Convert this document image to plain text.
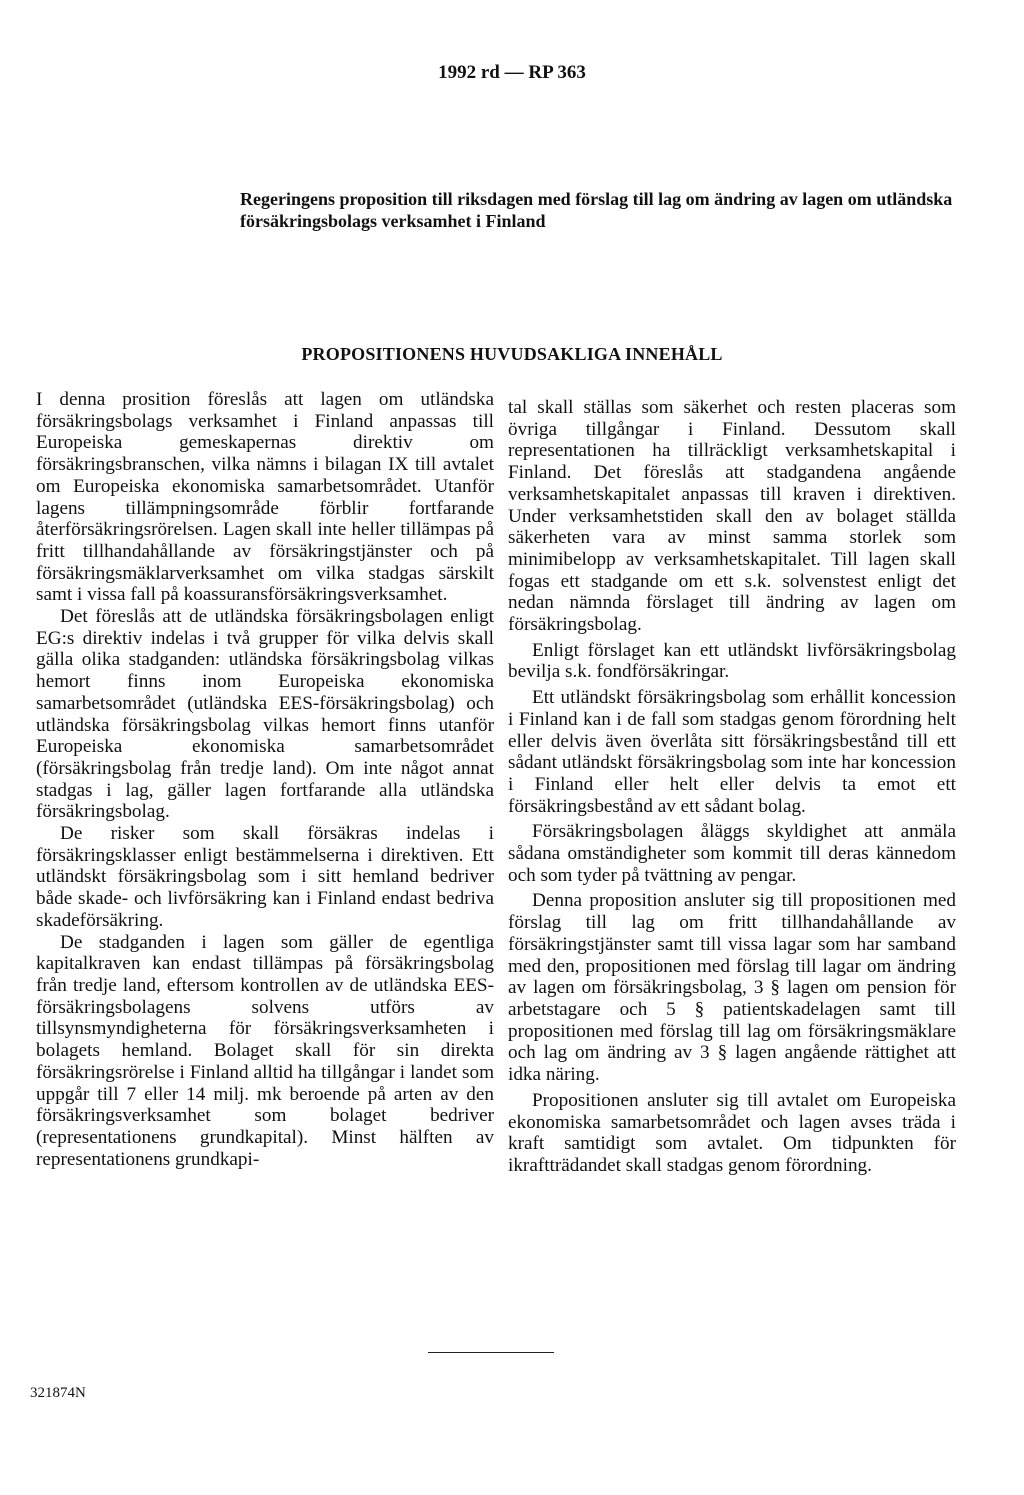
1992 rd — RP 363
Regeringens proposition till riksdagen med förslag till lag om ändring av lagen om utländska försäkringsbolags verksamhet i Finland
PROPOSITIONENS HUVUDSAKLIGA INNEHÅLL

I denna prosition föreslås att lagen om utländska försäkringsbolags verksamhet i Finland anpassas till Europeiska gemeskapernas direktiv om försäkringsbranschen, vilka nämns i bilagan IX till avtalet om Europeiska ekonomiska samarbetsområdet. Utanför lagens tillämpningsområde förblir fortfarande återförsäkringsrörelsen. Lagen skall inte heller tillämpas på fritt tillhandahållande av försäkringstjänster och på försäkringsmäklarverksamhet om vilka stadgas särskilt samt i vissa fall på koassuransförsäkringsverksamhet.

Det föreslås att de utländska försäkringsbolagen enligt EG:s direktiv indelas i två grupper för vilka delvis skall gälla olika stadganden: utländska försäkringsbolag vilkas hemort finns inom Europeiska ekonomiska samarbetsområdet (utländska EES-försäkringsbolag) och utländska försäkringsbolag vilkas hemort finns utanför Europeiska ekonomiska samarbetsområdet (försäkringsbolag från tredje land). Om inte något annat stadgas i lag, gäller lagen fortfarande alla utländska försäkringsbolag.

De risker som skall försäkras indelas i försäkringsklasser enligt bestämmelserna i direktiven. Ett utländskt försäkringsbolag som i sitt hemland bedriver både skade- och livförsäkring kan i Finland endast bedriva skadeförsäkring.

De stadganden i lagen som gäller de egentliga kapitalkraven kan endast tillämpas på försäkringsbolag från tredje land, eftersom kontrollen av de utländska EES-försäkringsbolagens solvens utförs av tillsynsmyndigheterna för försäkringsverksamheten i bolagets hemland. Bolaget skall för sin direkta försäkringsrörelse i Finland alltid ha tillgångar i landet som uppgår till 7 eller 14 milj. mk beroende på arten av den försäkringsverksamhet som bolaget bedriver (representationens grundkapital). Minst hälften av representationens grundkapi-

tal skall ställas som säkerhet och resten placeras som övriga tillgångar i Finland. Dessutom skall representationen ha tillräckligt verksamhetskapital i Finland. Det föreslås att stadgandena angående verksamhetskapitalet anpassas till kraven i direktiven. Under verksamhetstiden skall den av bolaget ställda säkerheten vara av minst samma storlek som minimibelopp av verksamhetskapitalet. Till lagen skall fogas ett stadgande om ett s.k. solvenstest enligt det nedan nämnda förslaget till ändring av lagen om försäkringsbolag.

Enligt förslaget kan ett utländskt livförsäkringsbolag bevilja s.k. fondförsäkringar.

Ett utländskt försäkringsbolag som erhållit koncession i Finland kan i de fall som stadgas genom förordning helt eller delvis även överlåta sitt försäkringsbestånd till ett sådant utländskt försäkringsbolag som inte har koncession i Finland eller helt eller delvis ta emot ett försäkringsbestånd av ett sådant bolag.

Försäkringsbolagen åläggs skyldighet att anmäla sådana omständigheter som kommit till deras kännedom och som tyder på tvättning av pengar.

Denna proposition ansluter sig till propositionen med förslag till lag om fritt tillhandahållande av försäkringstjänster samt till vissa lagar som har samband med den, propositionen med förslag till lagar om ändring av lagen om försäkringsbolag, 3 § lagen om pension för arbetstagare och 5 § patientskadelagen samt till propositionen med förslag till lag om försäkringsmäklare och lag om ändring av 3 § lagen angående rättighet att idka näring.

Propositionen ansluter sig till avtalet om Europeiska ekonomiska samarbetsområdet och lagen avses träda i kraft samtidigt som avtalet. Om tidpunkten för ikraftträdandet skall stadgas genom förordning.

321874N
